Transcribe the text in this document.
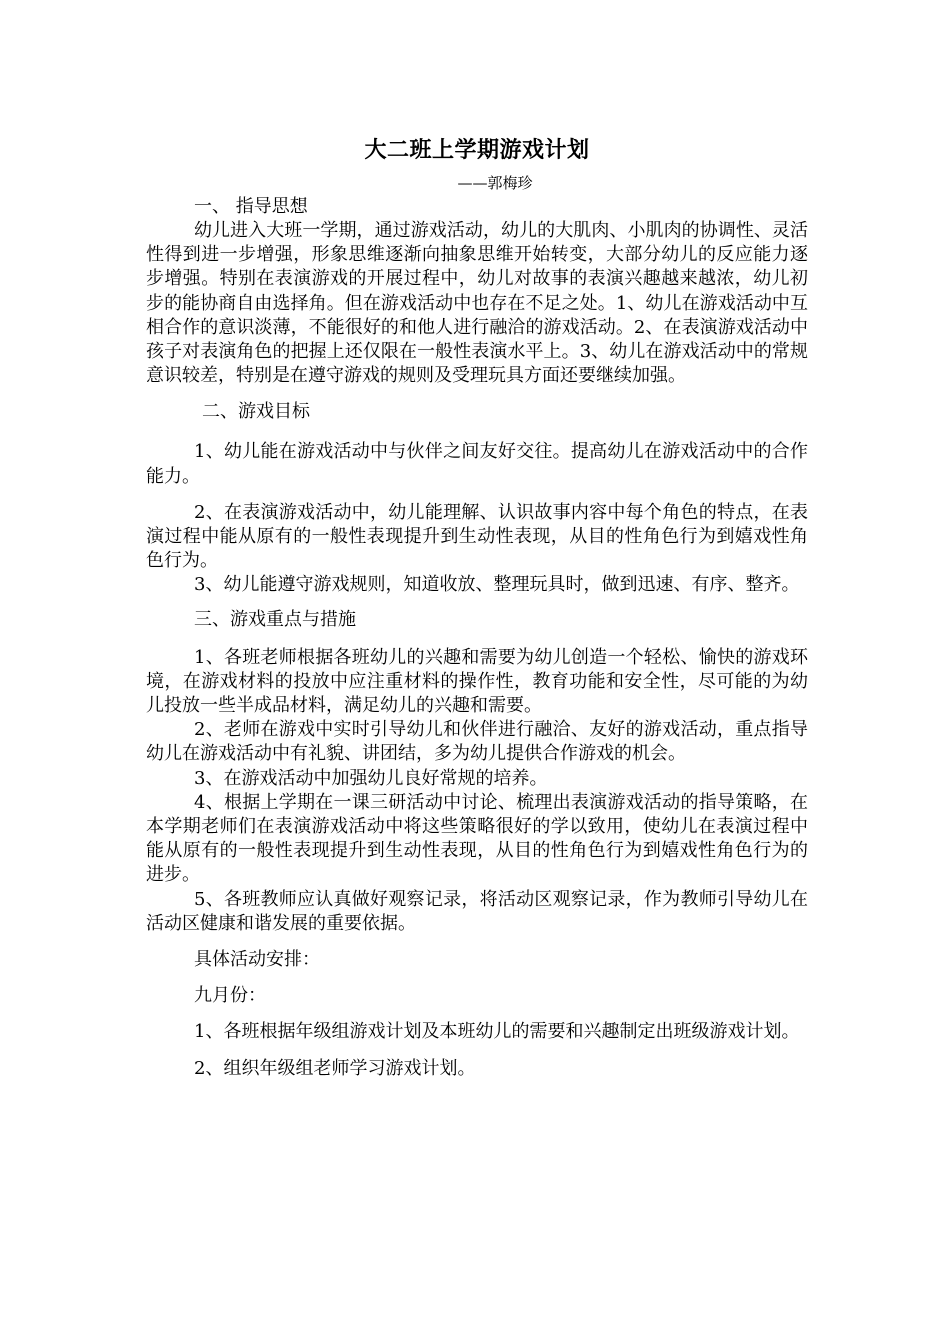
大二班上学期游戏计划

——郭梅珍

一、 指导思想

幼儿进入大班一学期，通过游戏活动，幼儿的大肌肉、小肌肉的协调性、灵活性得到进一步增强，形象思维逐渐向抽象思维开始转变，大部分幼儿的反应能力逐步增强。特别在表演游戏的开展过程中，幼儿对故事的表演兴趣越来越浓，幼儿初步的能协商自由选择角。但在游戏活动中也存在不足之处。1、幼儿在游戏活动中互相合作的意识淡薄，不能很好的和他人进行融洽的游戏活动。2、在表演游戏活动中孩子对表演角色的把握上还仅限在一般性表演水平上。3、幼儿在游戏活动中的常规意识较差，特别是在遵守游戏的规则及受理玩具方面还要继续加强。

二、游戏目标

1、幼儿能在游戏活动中与伙伴之间友好交往。提高幼儿在游戏活动中的合作能力。

2、在表演游戏活动中，幼儿能理解、认识故事内容中每个角色的特点，在表演过程中能从原有的一般性表现提升到生动性表现，从目的性角色行为到嬉戏性角色行为。

3、幼儿能遵守游戏规则，知道收放、整理玩具时，做到迅速、有序、整齐。

三、游戏重点与措施

1、各班老师根据各班幼儿的兴趣和需要为幼儿创造一个轻松、愉快的游戏环境，在游戏材料的投放中应注重材料的操作性，教育功能和安全性，尽可能的为幼儿投放一些半成品材料，满足幼儿的兴趣和需要。

2、老师在游戏中实时引导幼儿和伙伴进行融洽、友好的游戏活动，重点指导幼儿在游戏活动中有礼貌、讲团结，多为幼儿提供合作游戏的机会。

3、在游戏活动中加强幼儿良好常规的培养。

4、根据上学期在一课三研活动中讨论、梳理出表演游戏活动的指导策略，在本学期老师们在表演游戏活动中将这些策略很好的学以致用，使幼儿在表演过程中能从原有的一般性表现提升到生动性表现，从目的性角色行为到嬉戏性角色行为的进步。

5、各班教师应认真做好观察记录，将活动区观察记录，作为教师引导幼儿在活动区健康和谐发展的重要依据。

具体活动安排：

九月份：

1、各班根据年级组游戏计划及本班幼儿的需要和兴趣制定出班级游戏计划。

2、组织年级组老师学习游戏计划。
